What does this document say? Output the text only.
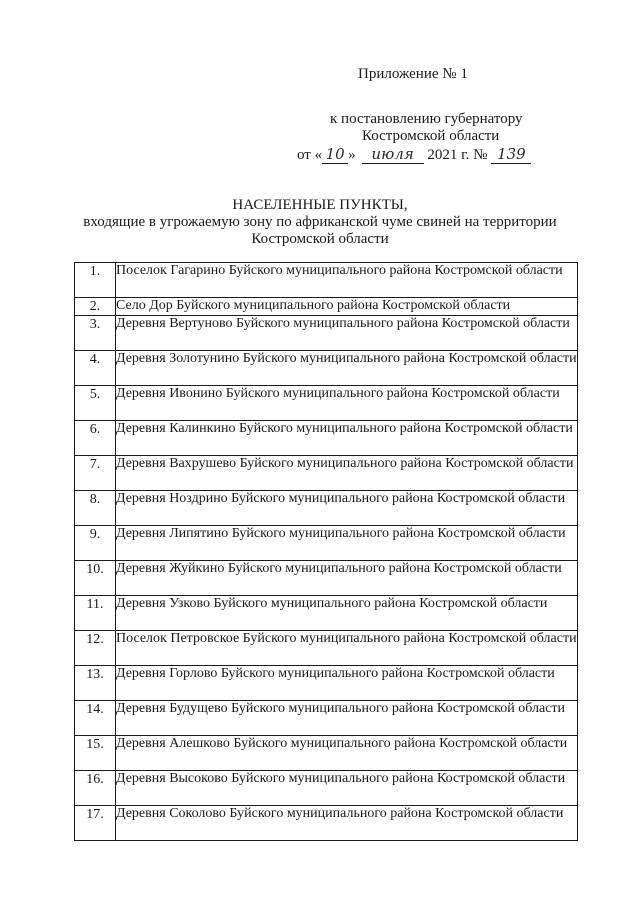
Приложение № 1
к постановлению губернатору
Костромской области
от « 10 » июля 2021 г. № 139
НАСЕЛЕННЫЕ ПУНКТЫ,
входящие в угрожаемую зону по африканской чуме свиней на территории Костромской области
1.	Поселок Гагарино Буйского муниципального района Костромской области
2.	Село Дор Буйского муниципального района Костромской области
3.	Деревня Вертуново Буйского муниципального района Костромской области
4.	Деревня Золотунино Буйского муниципального района Костромской области
5.	Деревня Ивонино Буйского муниципального района Костромской области
6.	Деревня Калинкино Буйского муниципального района Костромской области
7.	Деревня Вахрушево Буйского муниципального района Костромской области
8.	Деревня Ноздрино Буйского муниципального района Костромской области
9.	Деревня Липятино Буйского муниципального района Костромской области
10.	Деревня Жуйкино Буйского муниципального района Костромской области
11.	Деревня Узково Буйского муниципального района Костромской области
12.	Поселок Петровское Буйского муниципального района Костромской области
13.	Деревня Горлово Буйского муниципального района Костромской области
14.	Деревня Будущево Буйского муниципального района Костромской области
15.	Деревня Алешково Буйского муниципального района Костромской области
16.	Деревня Высоково Буйского муниципального района Костромской области
17.	Деревня Соколово Буйского муниципального района Костромской области
